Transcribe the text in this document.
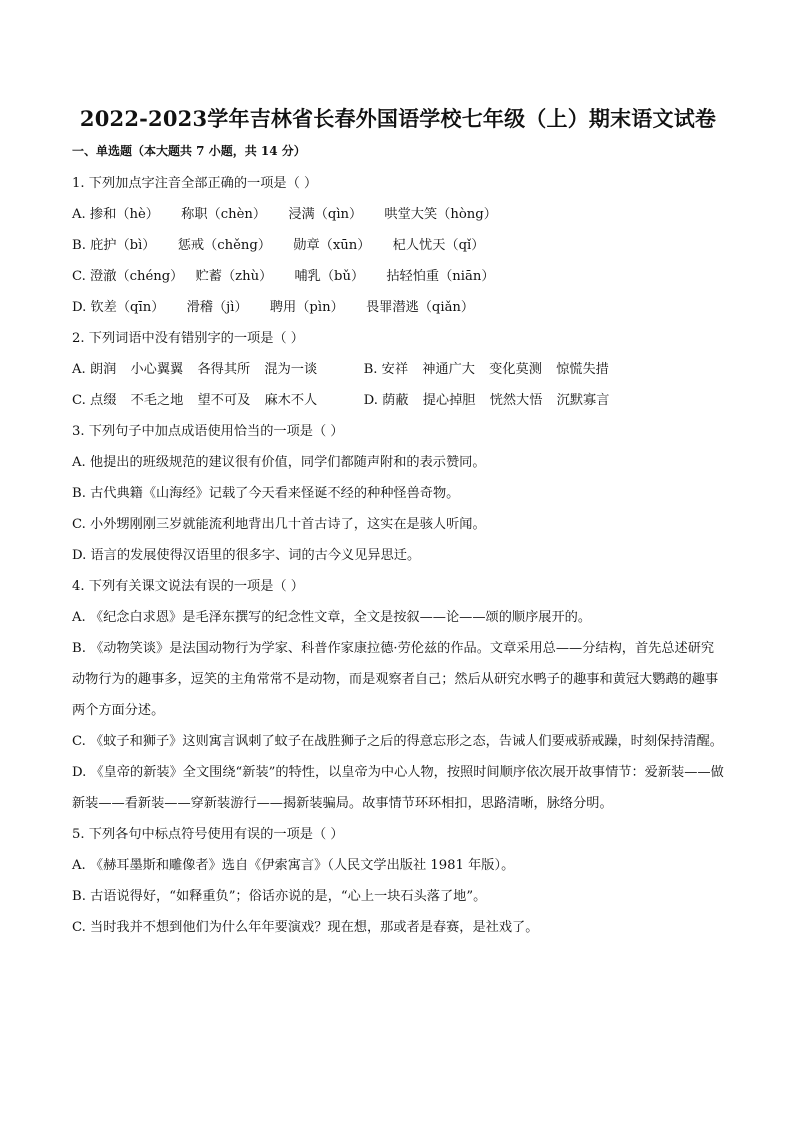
2022-2023学年吉林省长春外国语学校七年级（上）期末语文试卷
一、单选题（本大题共 7 小题，共 14 分）

1. 下列加点字注音全部正确的一项是（ ）

A. 掺和（hè） 称职（chèn） 浸满（qìn） 哄堂大笑（hòng）

B. 庇护（bì） 惩戒（chěng） 勋章（xūn） 杞人忧天（qǐ）

C. 澄澈（chéng） 贮蓄（zhù） 哺乳（bǔ） 拈轻怕重（niān）

D. 钦差（qīn） 滑稽（jì） 聘用（pìn） 畏罪潜逃（qiǎn）

2. 下列词语中没有错别字的一项是（ ）

A. 朗润 小心翼翼 各得其所 混为一谈	B. 安祥 神通广大 变化莫测 惊慌失措

C. 点缀 不毛之地 望不可及 麻木不人	D. 荫蔽 提心掉胆 恍然大悟 沉默寡言

3. 下列句子中加点成语使用恰当的一项是（ ）

A. 他提出的班级规范的建议很有价值，同学们都随声附和的表示赞同。

B. 古代典籍《山海经》记载了今天看来怪诞不经的种种怪兽奇物。

C. 小外甥刚刚三岁就能流利地背出几十首古诗了，这实在是骇人听闻。

D. 语言的发展使得汉语里的很多字、词的古今义见异思迁。

4. 下列有关课文说法有误的一项是（ ）

A. 《纪念白求恩》是毛泽东撰写的纪念性文章，全文是按叙——论——颂的顺序展开的。

B. 《动物笑谈》是法国动物行为学家、科普作家康拉德·劳伦兹的作品。文章采用总——分结构，首先总述研究动物行为的趣事多，逗笑的主角常常不是动物，而是观察者自己；然后从研究水鸭子的趣事和黄冠大鹦鹉的趣事两个方面分述。

C. 《蚊子和狮子》这则寓言讽刺了蚊子在战胜狮子之后的得意忘形之态，告诫人们要戒骄戒躁，时刻保持清醒。

D. 《皇帝的新装》全文围绕“新装”的特性，以皇帝为中心人物，按照时间顺序依次展开故事情节：爱新装——做新装——看新装——穿新装游行——揭新装骗局。故事情节环环相扣，思路清晰，脉络分明。

5. 下列各句中标点符号使用有误的一项是（ ）

A. 《赫耳墨斯和雕像者》选自《伊索寓言》（人民文学出版社 1981 年版）。

B. 古语说得好，“如释重负”；俗话亦说的是，“心上一块石头落了地”。

C. 当时我并不想到他们为什么年年要演戏？现在想，那或者是春赛，是社戏了。
